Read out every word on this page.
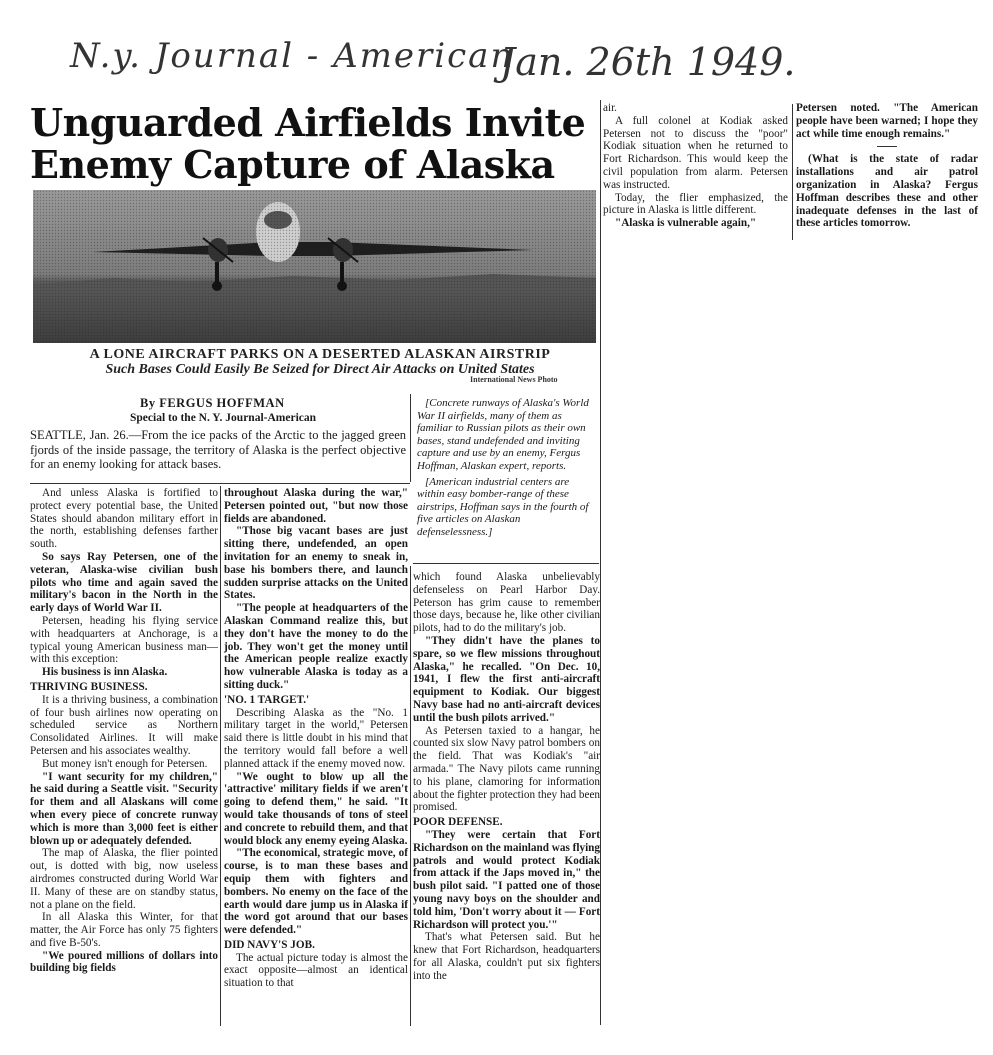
N.y. Journal - American
Jan. 26th 1949.
Unguarded Airfields Invite
Enemy Capture of Alaska
A LONE AIRCRAFT PARKS ON A DESERTED ALASKAN AIRSTRIP
Such Bases Could Easily Be Seized for Direct Air Attacks on United States
International News Photo
By FERGUS HOFFMAN
Special to the N. Y. Journal-American
SEATTLE, Jan. 26.—From the ice packs of the Arctic to the jagged green fjords of the inside passage, the territory of Alaska is the perfect objective for an enemy looking for attack bases.

[Concrete runways of Alaska's World War II airfields, many of them as familiar to Russian pilots as their own bases, stand undefended and inviting capture and use by an enemy, Fergus Hoffman, Alaskan expert, reports.

[American industrial centers are within easy bomber-range of these airstrips, Hoffman says in the fourth of five articles on Alaskan defenselessness.]

And unless Alaska is fortified to protect every potential base, the United States should abandon military effort in the north, establishing defenses farther south.

So says Ray Petersen, one of the veteran, Alaska-wise civilian bush pilots who time and again saved the military's bacon in the North in the early days of World War II.

Petersen, heading his flying service with headquarters at Anchorage, is a typical young American business man—with this exception:

His business is inn Alaska.

THRIVING BUSINESS.

It is a thriving business, a combination of four bush airlines now operating on scheduled service as Northern Consolidated Airlines. It will make Petersen and his associates wealthy.

But money isn't enough for Petersen.

"I want security for my children," he said during a Seattle visit. "Security for them and all Alaskans will come when every piece of concrete runway which is more than 3,000 feet is either blown up or adequately defended.

The map of Alaska, the flier pointed out, is dotted with big, now useless airdromes constructed during World War II. Many of these are on standby status, not a plane on the field.

In all Alaska this Winter, for that matter, the Air Force has only 75 fighters and five B-50's.

"We poured millions of dollars into building big fields

throughout Alaska during the war," Petersen pointed out, "but now those fields are abandoned.

"Those big vacant bases are just sitting there, undefended, an open invitation for an enemy to sneak in, base his bombers there, and launch sudden surprise attacks on the United States.

"The people at headquarters of the Alaskan Command realize this, but they don't have the money to do the job. They won't get the money until the American people realize exactly how vulnerable Alaska is today as a sitting duck."

'NO. 1 TARGET.'

Describing Alaska as the "No. 1 military target in the world," Petersen said there is little doubt in his mind that the territory would fall before a well planned attack if the enemy moved now.

"We ought to blow up all the 'attractive' military fields if we aren't going to defend them," he said. "It would take thousands of tons of steel and concrete to rebuild them, and that would block any enemy eyeing Alaska.

"The economical, strategic move, of course, is to man these bases and equip them with fighters and bombers. No enemy on the face of the earth would dare jump us in Alaska if the word got around that our bases were defended."

DID NAVY'S JOB.

The actual picture today is almost the exact opposite—almost an identical situation to that

which found Alaska unbelievably defenseless on Pearl Harbor Day. Peterson has grim cause to remember those days, because he, like other civilian pilots, had to do the military's job.

"They didn't have the planes to spare, so we flew missions throughout Alaska," he recalled. "On Dec. 10, 1941, I flew the first anti-aircraft equipment to Kodiak. Our biggest Navy base had no anti-aircraft devices until the bush pilots arrived."

As Petersen taxied to a hangar, he counted six slow Navy patrol bombers on the field. That was Kodiak's "air armada." The Navy pilots came running to his plane, clamoring for information about the fighter protection they had been promised.

POOR DEFENSE.

"They were certain that Fort Richardson on the mainland was flying patrols and would protect Kodiak from attack if the Japs moved in," the bush pilot said. "I patted one of those young navy boys on the shoulder and told him, 'Don't worry about it — Fort Richardson will protect you.'"

That's what Petersen said. But he knew that Fort Richardson, headquarters for all Alaska, couldn't put six fighters into the

air.

A full colonel at Kodiak asked Petersen not to discuss the "poor" Kodiak situation when he returned to Fort Richardson. This would keep the civil population from alarm. Petersen was instructed.

Today, the flier emphasized, the picture in Alaska is little different.

"Alaska is vulnerable again,"

Petersen noted. "The American people have been warned; I hope they act while time enough remains."

(What is the state of radar installations and air patrol organization in Alaska? Fergus Hoffman describes these and other inadequate defenses in the last of these articles tomorrow.
